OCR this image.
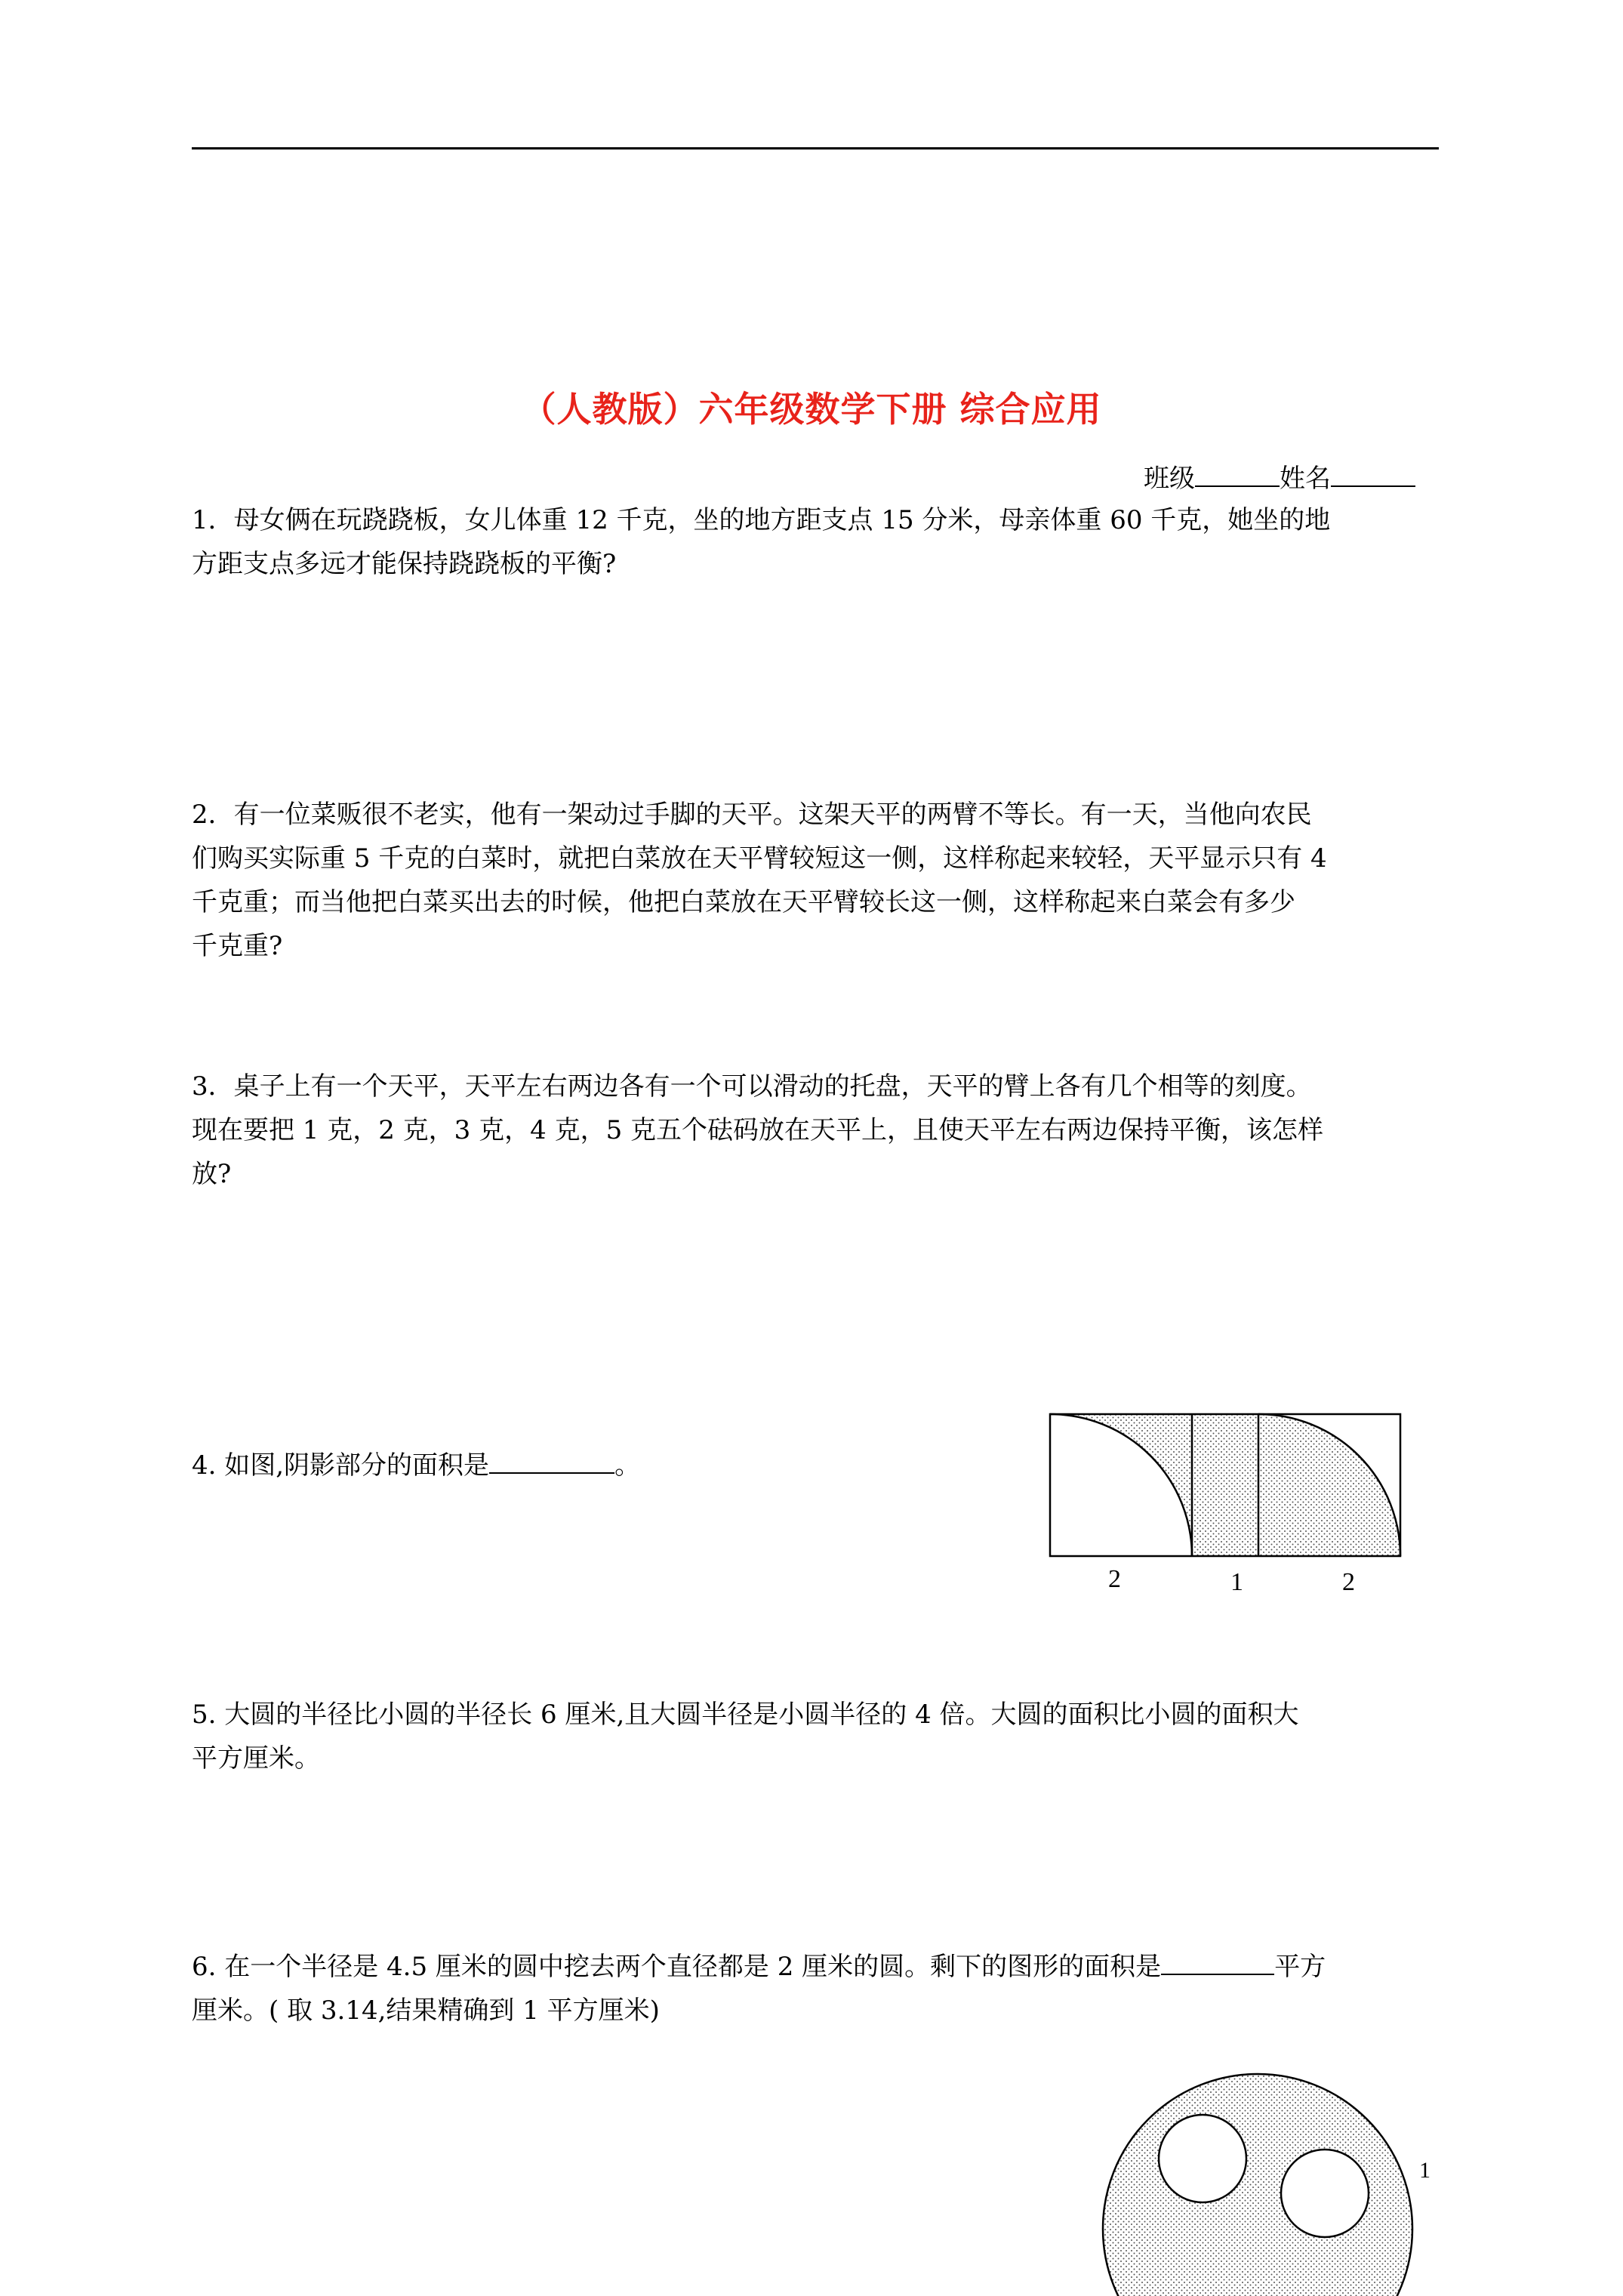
（人教版）六年级数学下册 综合应用
班级	姓名
1．母女俩在玩跷跷板，女儿体重 12 千克，坐的地方距支点 15 分米，母亲体重 60 千克，她坐的地
方距支点多远才能保持跷跷板的平衡?
2．有一位菜贩很不老实，他有一架动过手脚的天平。这架天平的两臂不等长。有一天，当他向农民
们购买实际重 5 千克的白菜时，就把白菜放在天平臂较短这一侧，这样称起来较轻，天平显示只有 4
千克重；而当他把白菜买出去的时候，他把白菜放在天平臂较长这一侧，这样称起来白菜会有多少
千克重?
3．桌子上有一个天平，天平左右两边各有一个可以滑动的托盘，天平的臂上各有几个相等的刻度。
现在要把 1 克，2 克，3 克，4 克，5 克五个砝码放在天平上，且使天平左右两边保持平衡，该怎样
放?
4. 如图,阴影部分的面积是	。
2	1	2
5. 大圆的半径比小圆的半径长 6 厘米,且大圆半径是小圆半径的 4 倍。大圆的面积比小圆的面积大
平方厘米。
6. 在一个半径是 4.5 厘米的圆中挖去两个直径都是 2 厘米的圆。剩下的图形的面积是	平方
厘米。( 取 3.14,结果精确到 1 平方厘米)
1
